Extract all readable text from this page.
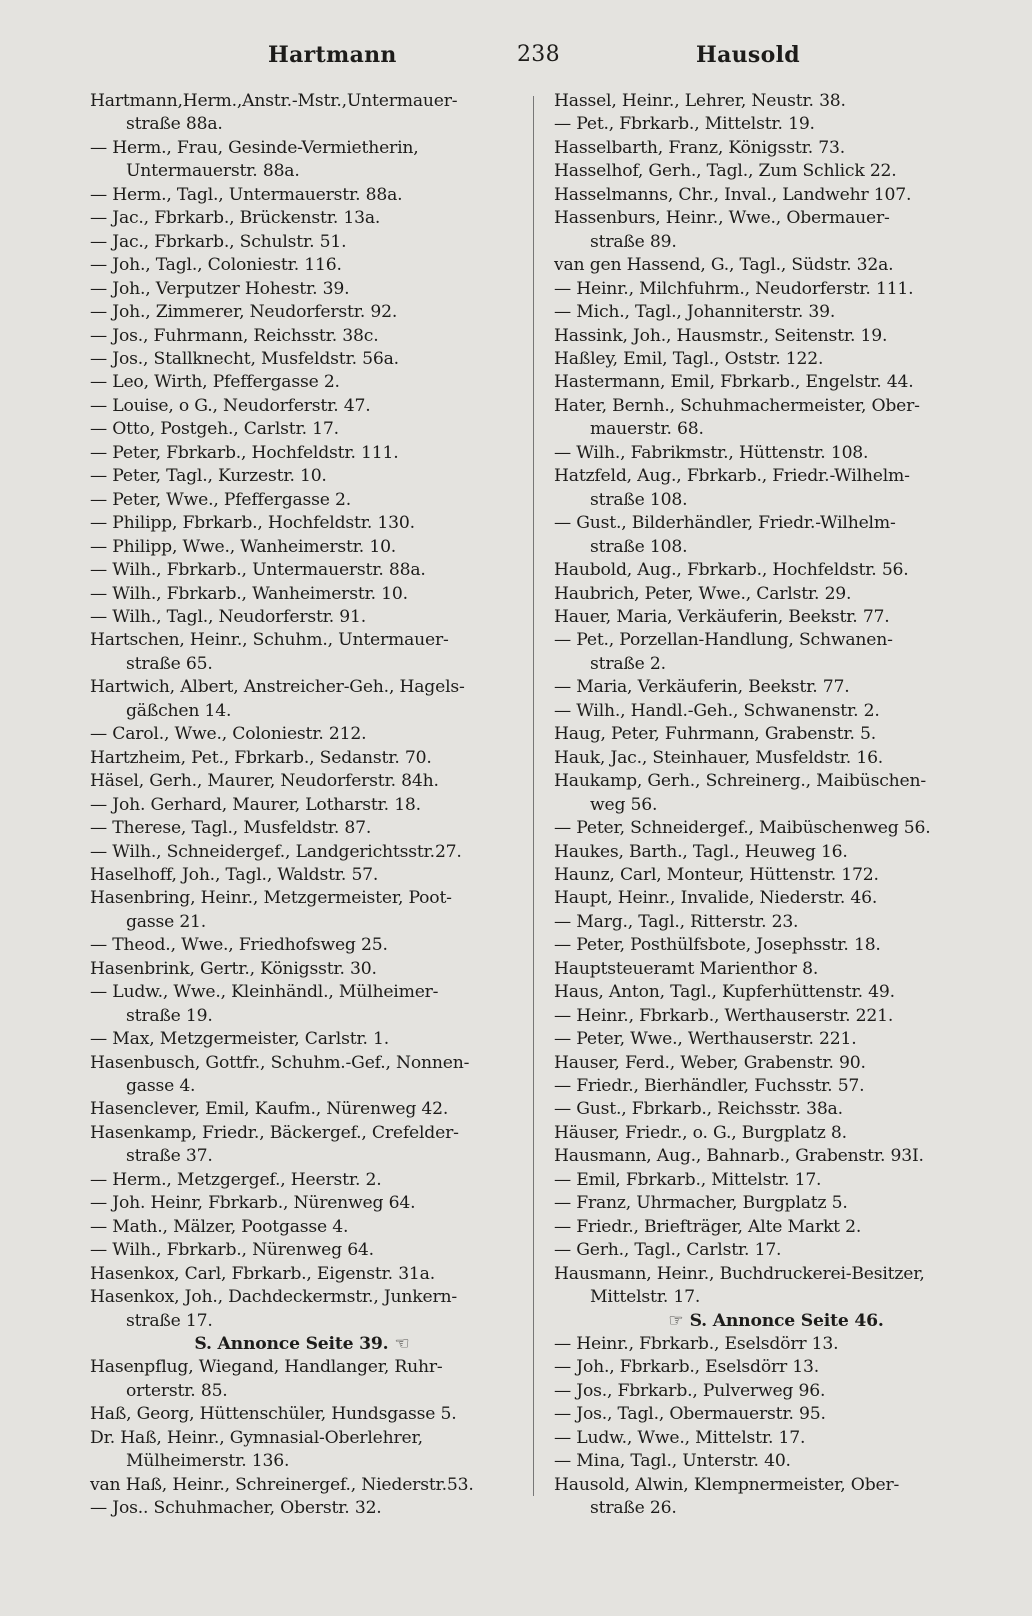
Hartmann	238	Hausold
Hartmann,Herm.,Anstr.-Mstr.,Untermauer-
straße 88a.
— Herm., Frau, Gesinde-Vermietherin,
Untermauerstr. 88a.
— Herm., Tagl., Untermauerstr. 88a.
— Jac., Fbrkarb., Brückenstr. 13a.
— Jac., Fbrkarb., Schulstr. 51.
— Joh., Tagl., Coloniestr. 116.
— Joh., Verputzer Hohestr. 39.
— Joh., Zimmerer, Neudorferstr. 92.
— Jos., Fuhrmann, Reichsstr. 38c.
— Jos., Stallknecht, Musfeldstr. 56a.
— Leo, Wirth, Pfeffergasse 2.
— Louise, o G., Neudorferstr. 47.
— Otto, Postgeh., Carlstr. 17.
— Peter, Fbrkarb., Hochfeldstr. 111.
— Peter, Tagl., Kurzestr. 10.
— Peter, Wwe., Pfeffergasse 2.
— Philipp, Fbrkarb., Hochfeldstr. 130.
— Philipp, Wwe., Wanheimerstr. 10.
— Wilh., Fbrkarb., Untermauerstr. 88a.
— Wilh., Fbrkarb., Wanheimerstr. 10.
— Wilh., Tagl., Neudorferstr. 91.
Hartschen, Heinr., Schuhm., Untermauer-
straße 65.
Hartwich, Albert, Anstreicher-Geh., Hagels-
gäßchen 14.
— Carol., Wwe., Coloniestr. 212.
Hartzheim, Pet., Fbrkarb., Sedanstr. 70.
Häsel, Gerh., Maurer, Neudorferstr. 84h.
— Joh. Gerhard, Maurer, Lotharstr. 18.
— Therese, Tagl., Musfeldstr. 87.
— Wilh., Schneidergef., Landgerichtsstr.27.
Haselhoff, Joh., Tagl., Waldstr. 57.
Hasenbring, Heinr., Metzgermeister, Poot-
gasse 21.
— Theod., Wwe., Friedhofsweg 25.
Hasenbrink, Gertr., Königsstr. 30.
— Ludw., Wwe., Kleinhändl., Mülheimer-
straße 19.
— Max, Metzgermeister, Carlstr. 1.
Hasenbusch, Gottfr., Schuhm.-Gef., Nonnen-
gasse 4.
Hasenclever, Emil, Kaufm., Nürenweg 42.
Hasenkamp, Friedr., Bäckergef., Crefelder-
straße 37.
— Herm., Metzgergef., Heerstr. 2.
— Joh. Heinr, Fbrkarb., Nürenweg 64.
— Math., Mälzer, Pootgasse 4.
— Wilh., Fbrkarb., Nürenweg 64.
Hasenkox, Carl, Fbrkarb., Eigenstr. 31a.
Hasenkox, Joh., Dachdeckermstr., Junkern-
straße 17.
S. Annonce Seite 39. ☜
Hasenpflug, Wiegand, Handlanger, Ruhr-
orterstr. 85.
Haß, Georg, Hüttenschüler, Hundsgasse 5.
Dr. Haß, Heinr., Gymnasial-Oberlehrer,
Mülheimerstr. 136.
van Haß, Heinr., Schreinergef., Niederstr.53.
— Jos.. Schuhmacher, Oberstr. 32.
Hassel, Heinr., Lehrer, Neustr. 38.
— Pet., Fbrkarb., Mittelstr. 19.
Hasselbarth, Franz, Königsstr. 73.
Hasselhof, Gerh., Tagl., Zum Schlick 22.
Hasselmanns, Chr., Inval., Landwehr 107.
Hassenburs, Heinr., Wwe., Obermauer-
straße 89.
van gen Hassend, G., Tagl., Südstr. 32a.
— Heinr., Milchfuhrm., Neudorferstr. 111.
— Mich., Tagl., Johanniterstr. 39.
Hassink, Joh., Hausmstr., Seitenstr. 19.
Haßley, Emil, Tagl., Oststr. 122.
Hastermann, Emil, Fbrkarb., Engelstr. 44.
Hater, Bernh., Schuhmachermeister, Ober-
mauerstr. 68.
— Wilh., Fabrikmstr., Hüttenstr. 108.
Hatzfeld, Aug., Fbrkarb., Friedr.-Wilhelm-
straße 108.
— Gust., Bilderhändler, Friedr.-Wilhelm-
straße 108.
Haubold, Aug., Fbrkarb., Hochfeldstr. 56.
Haubrich, Peter, Wwe., Carlstr. 29.
Hauer, Maria, Verkäuferin, Beekstr. 77.
— Pet., Porzellan-Handlung, Schwanen-
straße 2.
— Maria, Verkäuferin, Beekstr. 77.
— Wilh., Handl.-Geh., Schwanenstr. 2.
Haug, Peter, Fuhrmann, Grabenstr. 5.
Hauk, Jac., Steinhauer, Musfeldstr. 16.
Haukamp, Gerh., Schreinerg., Maibüschen-
weg 56.
— Peter, Schneidergef., Maibüschenweg 56.
Haukes, Barth., Tagl., Heuweg 16.
Haunz, Carl, Monteur, Hüttenstr. 172.
Haupt, Heinr., Invalide, Niederstr. 46.
— Marg., Tagl., Ritterstr. 23.
— Peter, Posthülfsbote, Josephsstr. 18.
Hauptsteueramt Marienthor 8.
Haus, Anton, Tagl., Kupferhüttenstr. 49.
— Heinr., Fbrkarb., Werthauserstr. 221.
— Peter, Wwe., Werthauserstr. 221.
Hauser, Ferd., Weber, Grabenstr. 90.
— Friedr., Bierhändler, Fuchsstr. 57.
— Gust., Fbrkarb., Reichsstr. 38a.
Häuser, Friedr., o. G., Burgplatz 8.
Hausmann, Aug., Bahnarb., Grabenstr. 93I.
— Emil, Fbrkarb., Mittelstr. 17.
— Franz, Uhrmacher, Burgplatz 5.
— Friedr., Briefträger, Alte Markt 2.
— Gerh., Tagl., Carlstr. 17.
Hausmann, Heinr., Buchdruckerei-Besitzer,
Mittelstr. 17.
☞ S. Annonce Seite 46.
— Heinr., Fbrkarb., Eselsdörr 13.
— Joh., Fbrkarb., Eselsdörr 13.
— Jos., Fbrkarb., Pulverweg 96.
— Jos., Tagl., Obermauerstr. 95.
— Ludw., Wwe., Mittelstr. 17.
— Mina, Tagl., Unterstr. 40.
Hausold, Alwin, Klempnermeister, Ober-
straße 26.
